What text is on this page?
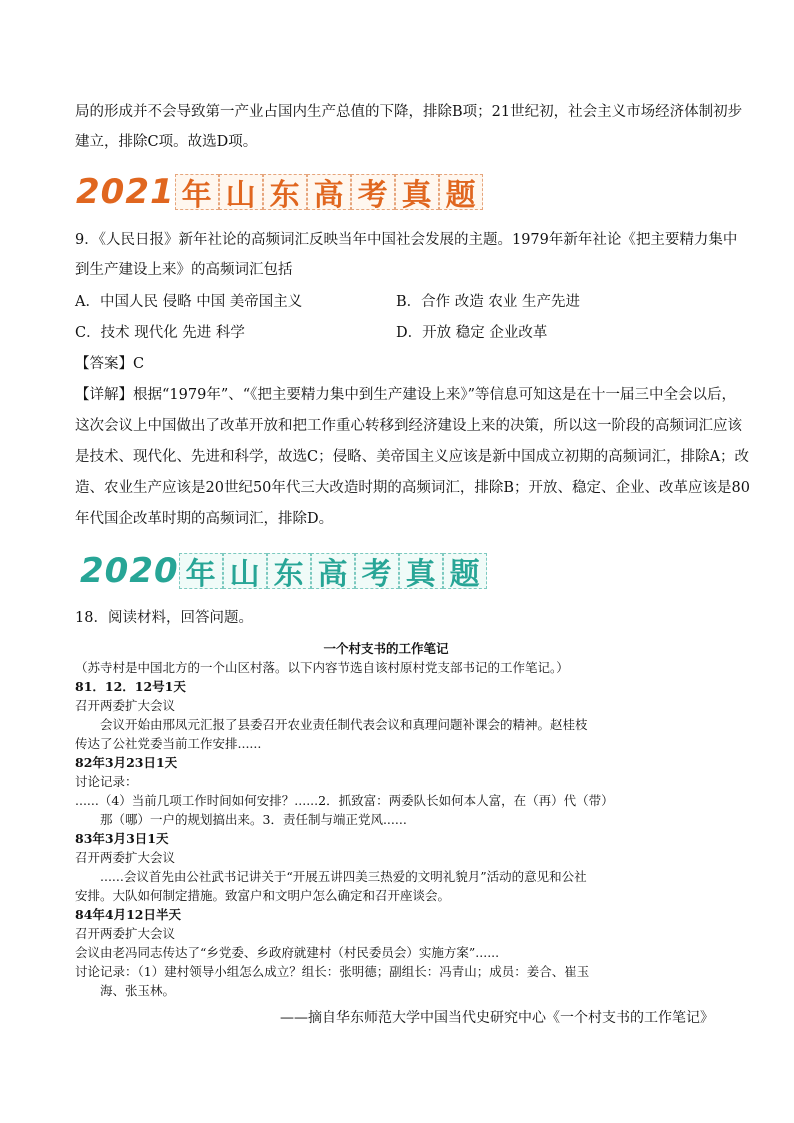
局的形成并不会导致第一产业占国内生产总值的下降，排除B项；21世纪初，社会主义市场经济体制初步
建立，排除C项。故选D项。
2021 年 山 东 高 考 真 题
9．《人民日报》新年社论的高频词汇反映当年中国社会发展的主题。1979年新年社论《把主要精力集中
到生产建设上来》的高频词汇包括
A．中国人民 侵略 中国 美帝国主义	B．合作 改造 农业 生产先进
C．技术 现代化 先进 科学	D．开放 稳定 企业改革
【答案】C
【详解】根据“1979年”、“《把主要精力集中到生产建设上来》”等信息可知这是在十一届三中全会以后，
这次会议上中国做出了改革开放和把工作重心转移到经济建设上来的决策，所以这一阶段的高频词汇应该
是技术、现代化、先进和科学，故选C；侵略、美帝国主义应该是新中国成立初期的高频词汇，排除A；改
造、农业生产应该是20世纪50年代三大改造时期的高频词汇，排除B；开放、稳定、企业、改革应该是80
年代国企改革时期的高频词汇，排除D。
2020 年 山 东 高 考 真 题
18．阅读材料，回答问题。
一个村支书的工作笔记
（苏寺村是中国北方的一个山区村落。以下内容节选自该村原村党支部书记的工作笔记。）
81．12．12号1天
召开两委扩大会议
会议开始由邢凤元汇报了县委召开农业责任制代表会议和真理问题补课会的精神。赵桂枝
传达了公社党委当前工作安排......
82年3月23日1天
讨论记录：
......（4）当前几项工作时间如何安排？......2．抓致富：两委队长如何本人富，在（再）代（带）
那（哪）一户的规划搞出来。3．责任制与端正党风......
83年3月3日1天
召开两委扩大会议
......会议首先由公社武书记讲关于“开展五讲四美三热爱的文明礼貌月”活动的意见和公社
安排。大队如何制定措施。致富户和文明户怎么确定和召开座谈会。
84年4月12日半天
召开两委扩大会议
会议由老冯同志传达了“乡党委、乡政府就建村（村民委员会）实施方案”......
讨论记录：（1）建村领导小组怎么成立？组长：张明德；副组长：冯青山；成员：姜合、崔玉
海、张玉林。
——摘自华东师范大学中国当代史研究中心《一个村支书的工作笔记》
